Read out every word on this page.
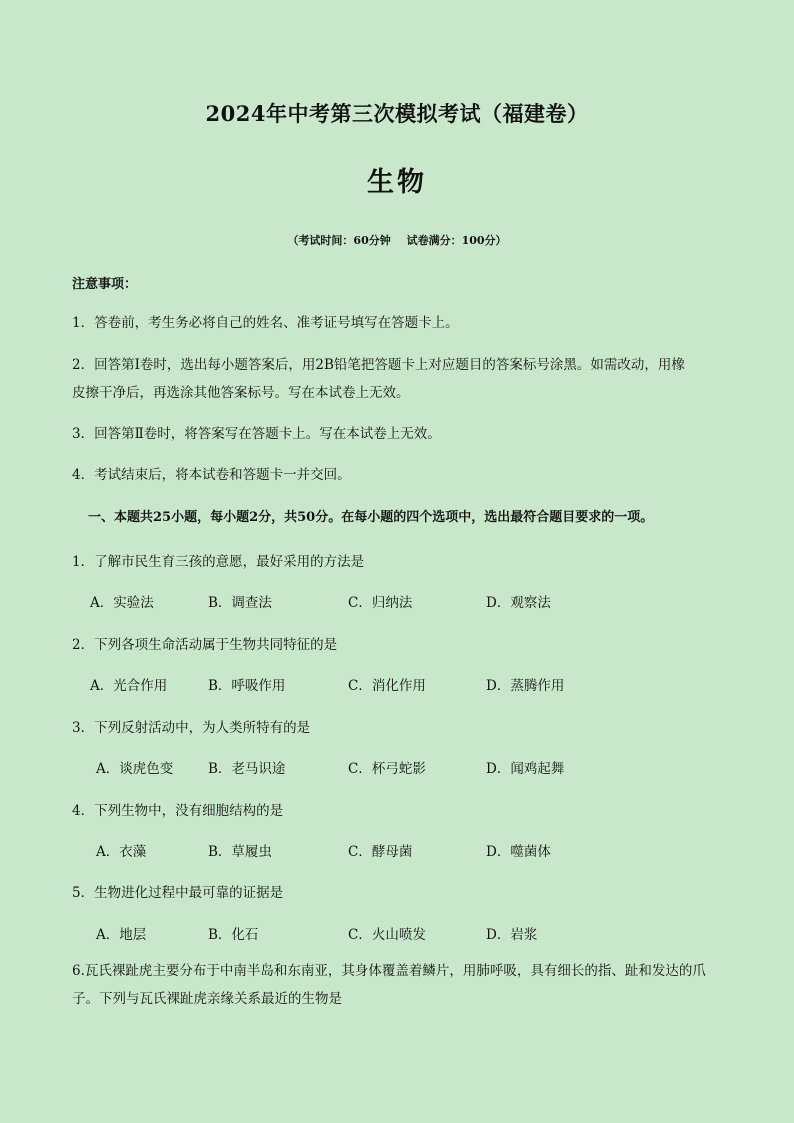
2024年中考第三次模拟考试（福建卷）
生物
（考试时间：60分钟 试卷满分：100分）
注意事项：
1．答卷前，考生务必将自己的姓名、准考证号填写在答题卡上。
2．回答第Ⅰ卷时，选出每小题答案后，用2B铅笔把答题卡上对应题目的答案标号涂黑。如需改动，用橡
皮擦干净后，再选涂其他答案标号。写在本试卷上无效。
3．回答第Ⅱ卷时，将答案写在答题卡上。写在本试卷上无效。
4．考试结束后，将本试卷和答题卡一并交回。
一、本题共25小题，每小题2分，共50分。在每小题的四个选项中，选出最符合题目要求的一项。
1．了解市民生育三孩的意愿，最好采用的方法是
A．实验法	B．调查法	C．归纳法	D．观察法
2．下列各项生命活动属于生物共同特征的是
A．光合作用	B．呼吸作用	C．消化作用	D．蒸腾作用
3．下列反射活动中，为人类所特有的是
A．谈虎色变	B．老马识途	C．杯弓蛇影	D．闻鸡起舞
4．下列生物中，没有细胞结构的是
A．衣藻	B．草履虫	C．酵母菌	D．噬菌体
5．生物进化过程中最可靠的证据是
A．地层	B．化石	C．火山喷发	D．岩浆
6.瓦氏裸趾虎主要分布于中南半岛和东南亚，其身体覆盖着鳞片，用肺呼吸，具有细长的指、趾和发达的爪
子。下列与瓦氏裸趾虎亲缘关系最近的生物是
